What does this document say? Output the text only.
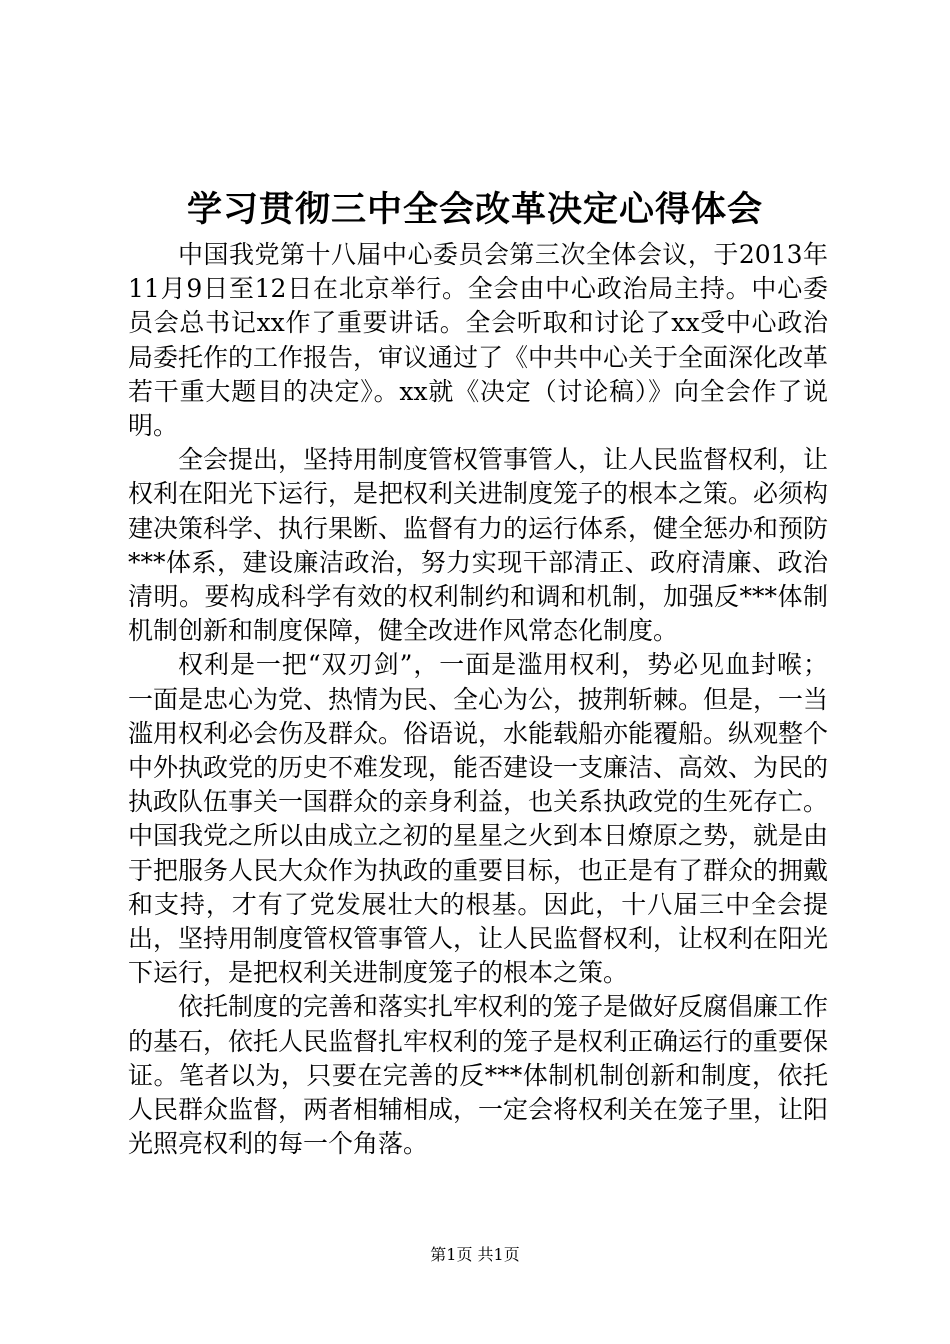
学习贯彻三中全会改革决定心得体会

中国我党第十八届中心委员会第三次全体会议，于2013年11月9日至12日在北京举行。全会由中心政治局主持。中心委员会总书记xx作了重要讲话。全会听取和讨论了xx受中心政治局委托作的工作报告，审议通过了《中共中心关于全面深化改革若干重大题目的决定》。xx就《决定（讨论稿）》向全会作了说明。

全会提出，坚持用制度管权管事管人，让人民监督权利，让权利在阳光下运行，是把权利关进制度笼子的根本之策。必须构建决策科学、执行果断、监督有力的运行体系，健全惩办和预防***体系，建设廉洁政治，努力实现干部清正、政府清廉、政治清明。要构成科学有效的权利制约和调和机制，加强反***体制机制创新和制度保障，健全改进作风常态化制度。

权利是一把“双刃剑”，一面是滥用权利，势必见血封喉；一面是忠心为党、热情为民、全心为公，披荆斩棘。但是，一当滥用权利必会伤及群众。俗语说，水能载船亦能覆船。纵观整个中外执政党的历史不难发现，能否建设一支廉洁、高效、为民的执政队伍事关一国群众的亲身利益，也关系执政党的生死存亡。中国我党之所以由成立之初的星星之火到本日燎原之势，就是由于把服务人民大众作为执政的重要目标，也正是有了群众的拥戴和支持，才有了党发展壮大的根基。因此，十八届三中全会提出，坚持用制度管权管事管人，让人民监督权利，让权利在阳光下运行，是把权利关进制度笼子的根本之策。

依托制度的完善和落实扎牢权利的笼子是做好反腐倡廉工作的基石，依托人民监督扎牢权利的笼子是权利正确运行的重要保证。笔者以为，只要在完善的反***体制机制创新和制度，依托人民群众监督，两者相辅相成，一定会将权利关在笼子里，让阳光照亮权利的每一个角落。

第1页 共1页
